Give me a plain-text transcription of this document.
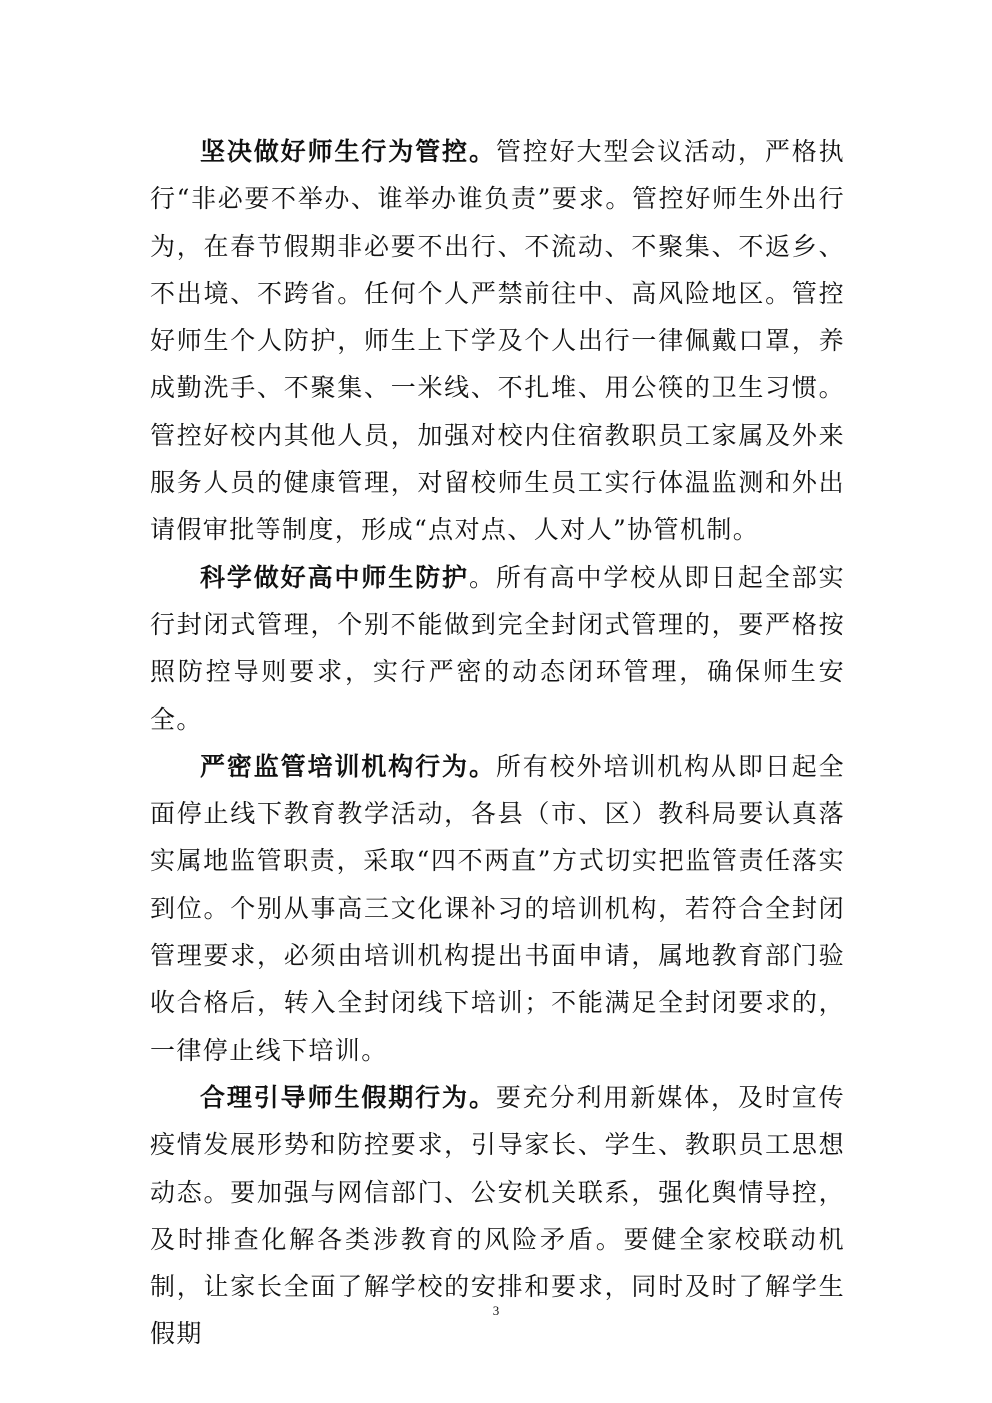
坚决做好师生行为管控。管控好大型会议活动，严格执行“非必要不举办、谁举办谁负责”要求。管控好师生外出行为，在春节假期非必要不出行、不流动、不聚集、不返乡、不出境、不跨省。任何个人严禁前往中、高风险地区。管控好师生个人防护，师生上下学及个人出行一律佩戴口罩，养成勤洗手、不聚集、一米线、不扎堆、用公筷的卫生习惯。管控好校内其他人员，加强对校内住宿教职员工家属及外来服务人员的健康管理，对留校师生员工实行体温监测和外出请假审批等制度，形成“点对点、人对人”协管机制。

科学做好高中师生防护。所有高中学校从即日起全部实行封闭式管理，个别不能做到完全封闭式管理的，要严格按照防控导则要求，实行严密的动态闭环管理，确保师生安全。

严密监管培训机构行为。所有校外培训机构从即日起全面停止线下教育教学活动，各县（市、区）教科局要认真落实属地监管职责，采取“四不两直”方式切实把监管责任落实到位。个别从事高三文化课补习的培训机构，若符合全封闭管理要求，必须由培训机构提出书面申请，属地教育部门验收合格后，转入全封闭线下培训；不能满足全封闭要求的，一律停止线下培训。

合理引导师生假期行为。要充分利用新媒体，及时宣传疫情发展形势和防控要求，引导家长、学生、教职员工思想动态。要加强与网信部门、公安机关联系，强化舆情导控，及时排查化解各类涉教育的风险矛盾。要健全家校联动机制，让家长全面了解学校的安排和要求，同时及时了解学生假期

3
